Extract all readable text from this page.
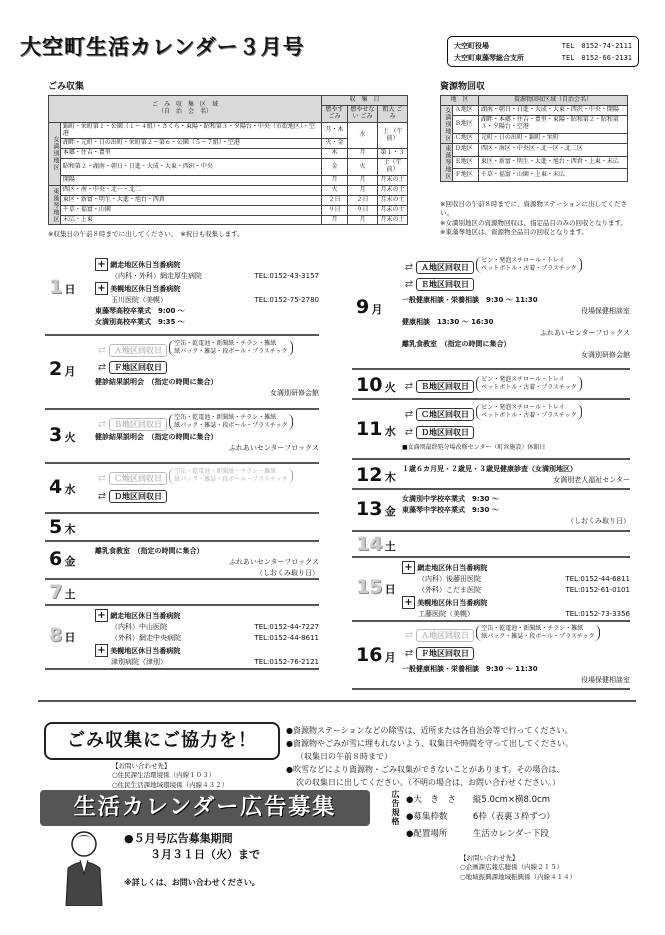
大空町生活カレンダー３月号	大空町役場	TEL　0152-74-2111
大空町東藻琴総合支所	TEL　0152-66-2131
ごみ収集
ご　み　収　集　区　域
（自　治　会　名）		収　集　日		
		燃やす ごみ	燃やせない ごみ	粗大 ごみ
女満別地区	錦町・栄町第１・公園（１～４組）・さくら・東陽・昭和第３・夕陽台・中央（市街地区）・空港	月・木	水	土 （午前）
	湖畔・元町・日の出町・栄町第２～第６・公園（５～７組）・空港	火・金		
	本郷・住吉・豊里	木	月	第１・３
	昭和第２・湖南・朝日・日進・大成・大東・西沢・中央	金	火	土（午前）
	開陽	月	月	月末の土
東藻琴地区	西区・南・中央・北一・北二	火	月	月末の土
	東区・新富・明生・大進・旭台・西倉	２日	２日	月末の土
	千草・福富・山園	９日	９日	月末の土
	末広・上東	月	月	月末の土
※収集日の午前８時までに出してください。　※祝日も収集します。
資源物回収
地　区		資源物回収区域（自治会名）
女満別地区	Ａ地区	湖南・朝日・日進・大成・大東・西沢・中央・開陽
	Ｂ地区	湖畔・本郷・住吉・豊里・東陽・昭和第２・昭和第３・夕陽台・空港
	Ｃ地区	元町・日の出町・錦町・栄町
東藻琴地区	Ｄ地区	西区・南区・中央区・北一区・北二区
	Ｅ地区	東区・新富・明生・大進・旭台・西倉・上東・末広
	Ｆ地区	千草・福富・山園・上東・末広
※回収日の午前８時までに、資源物ステーションに出してください。
※女満別地区の資源物回収は、指定品目のみの回収となります。
※東藻琴地区は、資源物全品目の回収となります。
1 日
+ 網走地区休日当番病院
（内科・外科）網走厚生病院	TEL:0152-43-3157
+ 美幌地区休日当番病院
玉川医院（美幌）	TEL:0152-75-2780
東藻琴高校卒業式　9:00 ～
女満別高校卒業式　9:35 ～
2 月
⇄ Ａ地区回収日 空缶・乾電池・新聞紙・チラシ・雑紙
紙パック・雑誌・段ボール・プラスチック
⇄ Ｆ地区回収日
健診結果説明会　（指定の時間に集合）
女満別研修会館
3 火
⇄ Ｂ地区回収日 空缶・乾電池・新聞紙・チラシ・雑紙
紙パック・雑誌・段ボール・プラスチック
健診結果説明会　（指定の時間に集合）
ふれあいセンターフロックス
4 水
⇄ Ｃ地区回収日 空缶・乾電池・新聞紙・チラシ・雑紙
紙パック・雑誌・段ボール・プラスチック
⇄ Ｄ地区回収日
5 木
6 金
離乳食教室　（指定の時間に集合）
ふれあいセンターフロックス
（しおくみ取り日）
7 土
8 日
+ 網走地区休日当番病院
（内科）中山医院	TEL:0152-44-7227
（外科）網走中央病院	TEL:0152-44-8611
+ 美幌地区休日当番病院
津別病院（津別）	TEL:0152-76-2121
9 月
⇄ Ａ地区回収日 ビン・発泡スチロール・トレイ
ペットボトル・古着・プラスチック
⇄ Ｅ地区回収日
一般健康相談・栄養相談　9:30 ～ 11:30
役場保健相談室
健康相談　13:30 ～ 16:30
ふれあいセンターフロックス
離乳食教室　（指定の時間に集合）
女満別研修会館
10 火 ⇄ Ｂ地区回収日 ビン・発泡スチロール・トレイ
ペットボトル・古着・プラスチック
11 水
⇄ Ｃ地区回収日 ビン・発泡スチロール・トレイ
ペットボトル・古着・プラスチック
⇄ Ｄ地区回収日
■女満別最終処分場改修センター（町営施設）休館日
12 木
１歳６カ月児・２歳児・３歳児健康診査（女満別地区）
女満別老人福祉センター
13 金
女満別中学校卒業式　9:30 ～
東藻琴中学校卒業式　9:30 ～
（しおくみ取り日）
14 土
15 日
+ 網走地区休日当番病院
（内科）後藤田医院	TEL:0152-44-6811
（外科）こだま医院	TEL:0152-61-0101
+ 美幌地区休日当番病院
工藤医院（美幌）	TEL:0152-73-3356
16 月
⇄ Ａ地区回収日 空缶・乾電池・新聞紙・チラシ・雑紙
紙パック・雑誌・段ボール・プラスチック
⇄ Ｆ地区回収日
一般健康相談・栄養相談　9:30 ～ 11:30
役場保健相談室
ごみ収集にご協力を！
【お問い合わせ先】
○住民課生活環境係（内線１０３）
○住民生活課地域環境係（内線４３２）
●資源物ステーションなどの除雪は、近所または各自治会等で行ってください。
●資源物やごみが雪に埋もれないよう、収集日や時間を守って出してください。
（収集日の午前８時まで）
●吹雪などにより資源物・ごみ収集ができないことがあります。その場合は、
次の収集日に出してください。（不明の場合は、お問い合わせください。）
生活カレンダー広告募集
●５月号広告募集期間
３月３１日（火）まで
※詳しくは、お問い合わせください。
広告規格 ●大　き　さ　　縦5.0cm×横8.0cm
●募集枠数　　　6枠（表裏３枠ずつ）
●配置場所　　　生活カレンダー下段
【お問い合わせ先】
○企画課広報広聴係（内線２１５）
○地域振興課地域振興係（内線４１４）
